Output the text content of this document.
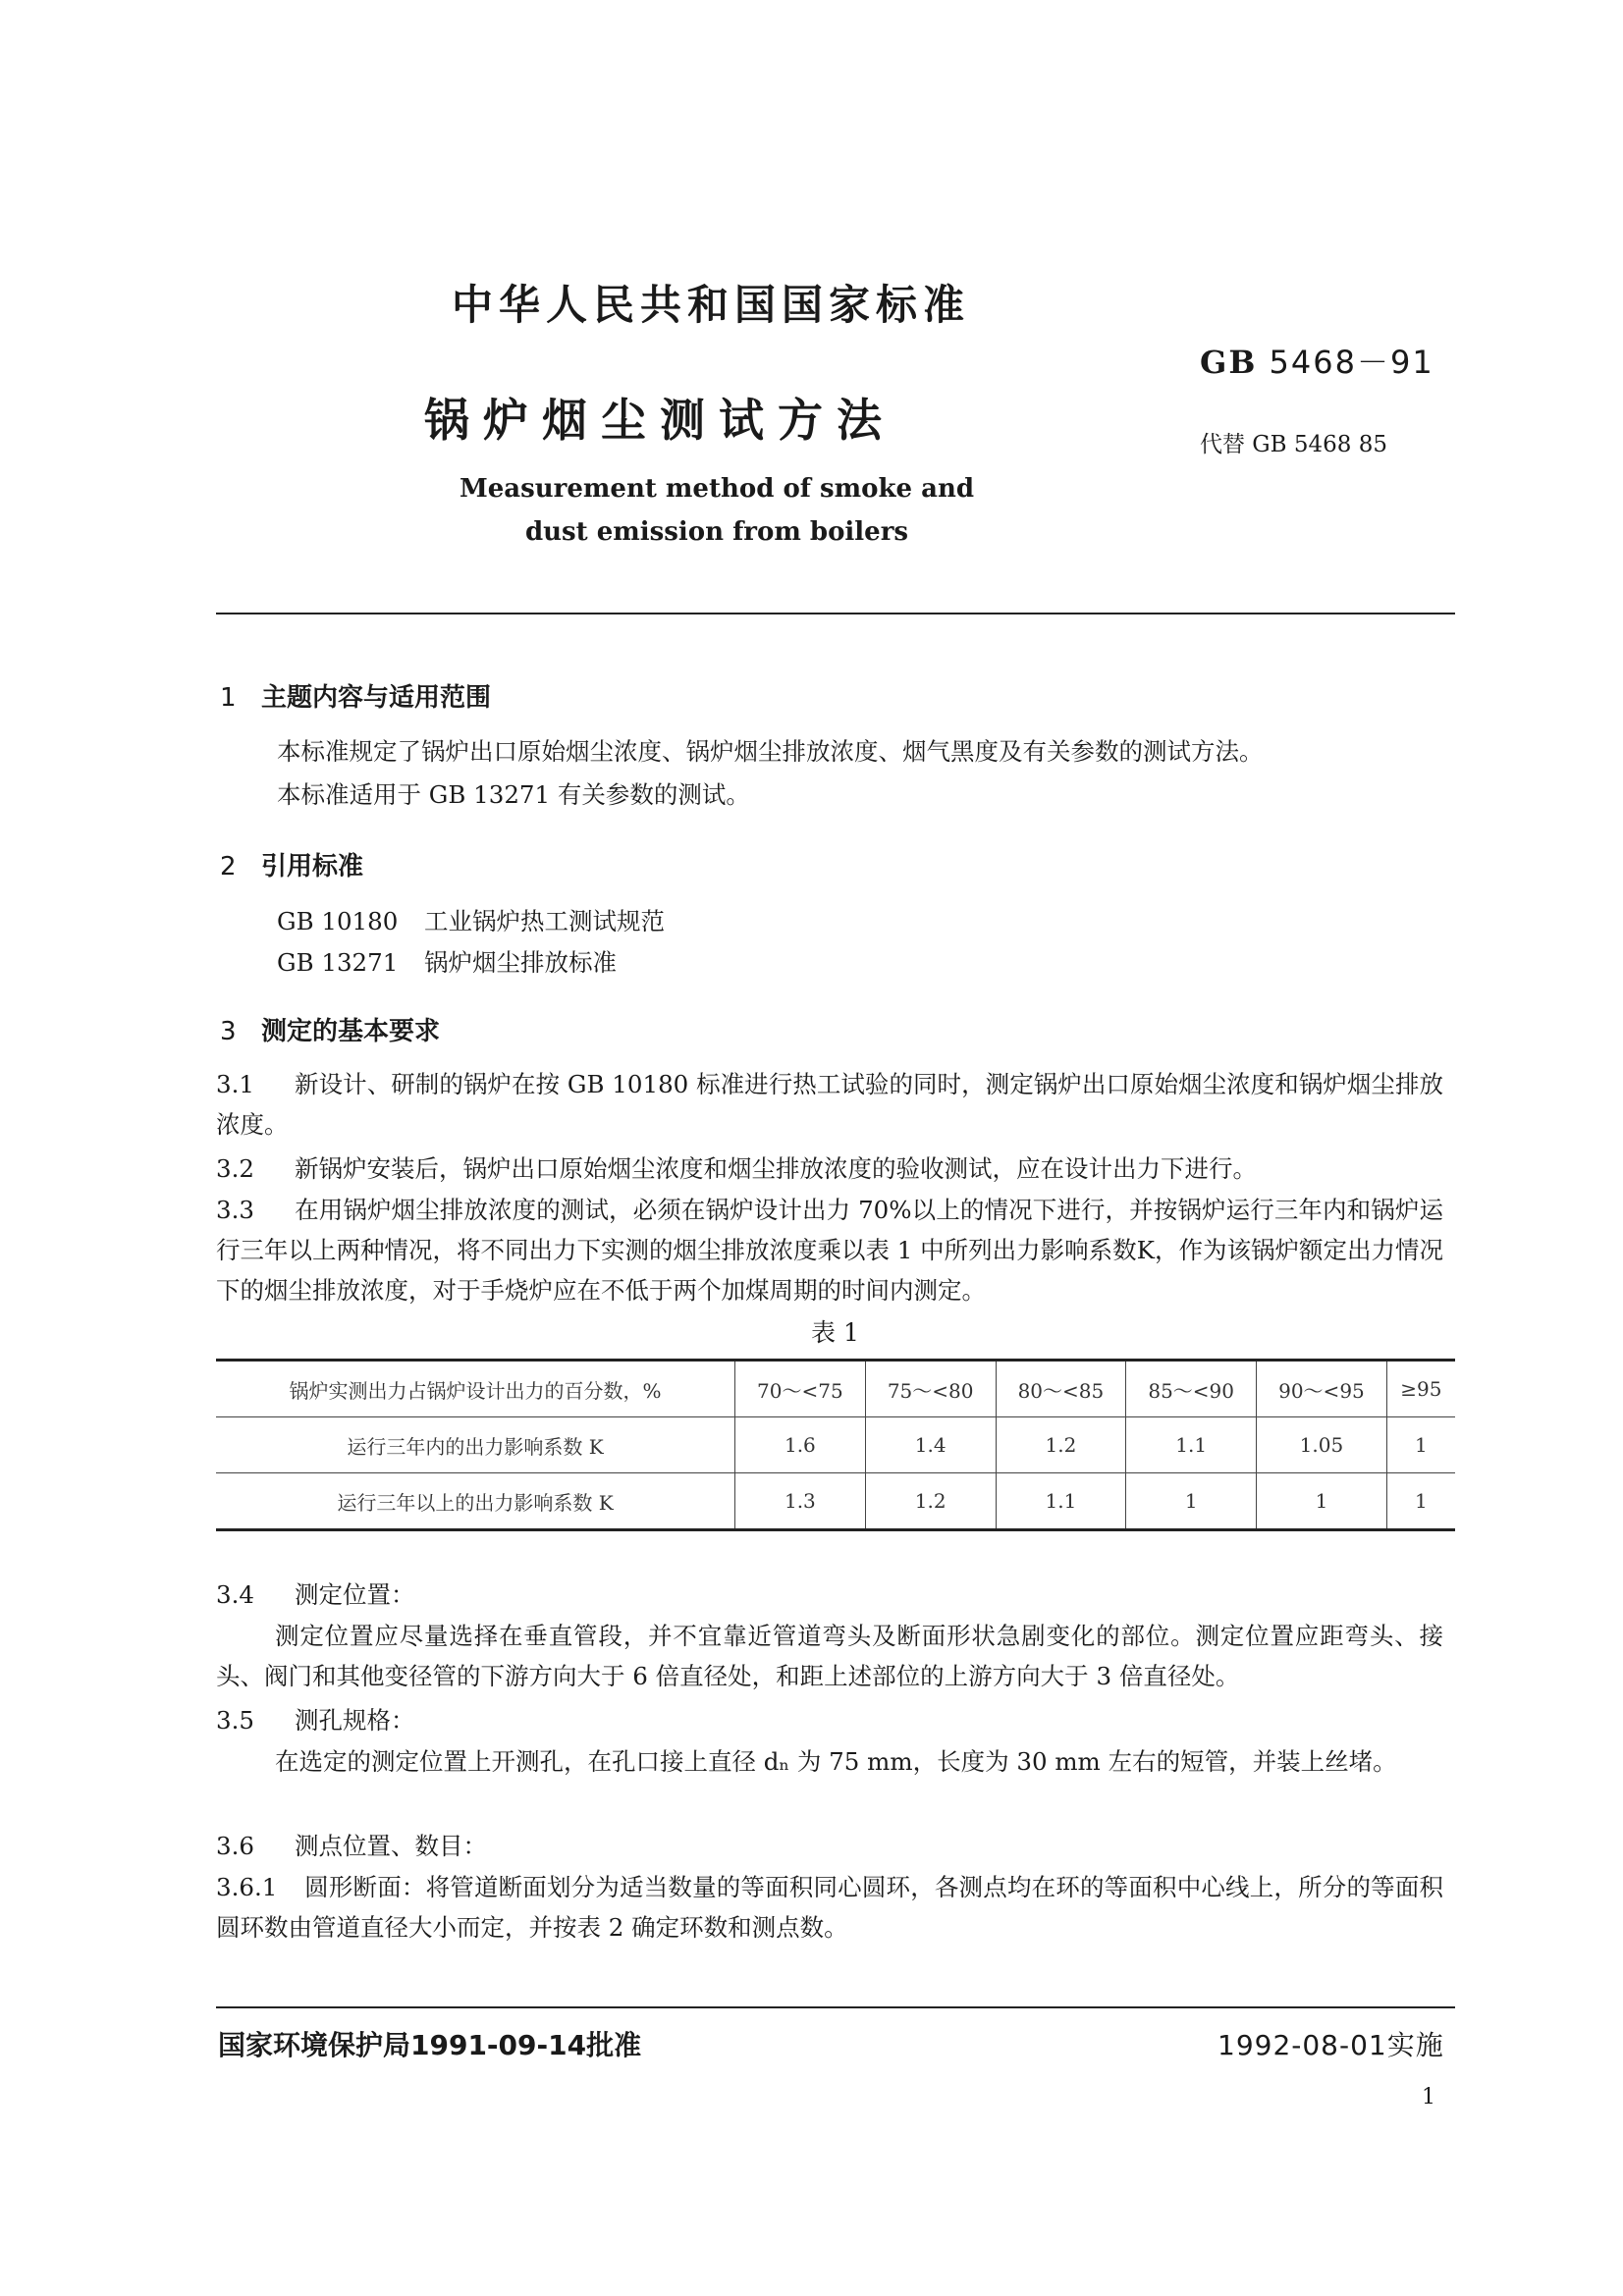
中华人民共和国国家标准
GB 5468－91
锅炉烟尘测试方法	代替 GB 5468 85
Measurement method of smoke and
dust emission from boilers
1 主题内容与适用范围
本标准规定了锅炉出口原始烟尘浓度、锅炉烟尘排放浓度、烟气黑度及有关参数的测试方法。
本标准适用于 GB 13271 有关参数的测试。
2 引用标准
GB 10180 工业锅炉热工测试规范
GB 13271 锅炉烟尘排放标准
3 测定的基本要求
3.1 新设计、研制的锅炉在按 GB 10180 标准进行热工试验的同时，测定锅炉出口原始烟尘浓度和锅炉烟尘排放浓度。
3.2 新锅炉安装后，锅炉出口原始烟尘浓度和烟尘排放浓度的验收测试，应在设计出力下进行。
3.3 在用锅炉烟尘排放浓度的测试，必须在锅炉设计出力 70%以上的情况下进行，并按锅炉运行三年内和锅炉运行三年以上两种情况，将不同出力下实测的烟尘排放浓度乘以表 1 中所列出力影响系数K，作为该锅炉额定出力情况下的烟尘排放浓度，对于手烧炉应在不低于两个加煤周期的时间内测定。
表 1
锅炉实测出力占锅炉设计出力的百分数，%	70～<75	75～<80	80～<85	85～<90	90～<95	≥95
运行三年内的出力影响系数 K	1.6	1.4	1.2	1.1	1.05	1
运行三年以上的出力影响系数 K	1.3	1.2	1.1	1	1	1
3.4 测定位置：
测定位置应尽量选择在垂直管段，并不宜靠近管道弯头及断面形状急剧变化的部位。测定位置应距弯头、接头、阀门和其他变径管的下游方向大于 6 倍直径处，和距上述部位的上游方向大于 3 倍直径处。
3.5 测孔规格：
在选定的测定位置上开测孔，在孔口接上直径 dₙ 为 75 mm，长度为 30 mm 左右的短管，并装上丝堵。
3.6 测点位置、数目：
3.6.1 圆形断面：将管道断面划分为适当数量的等面积同心圆环，各测点均在环的等面积中心线上，所分的等面积圆环数由管道直径大小而定，并按表 2 确定环数和测点数。
国家环境保护局1991-09-14批准	1992-08-01实施
1
